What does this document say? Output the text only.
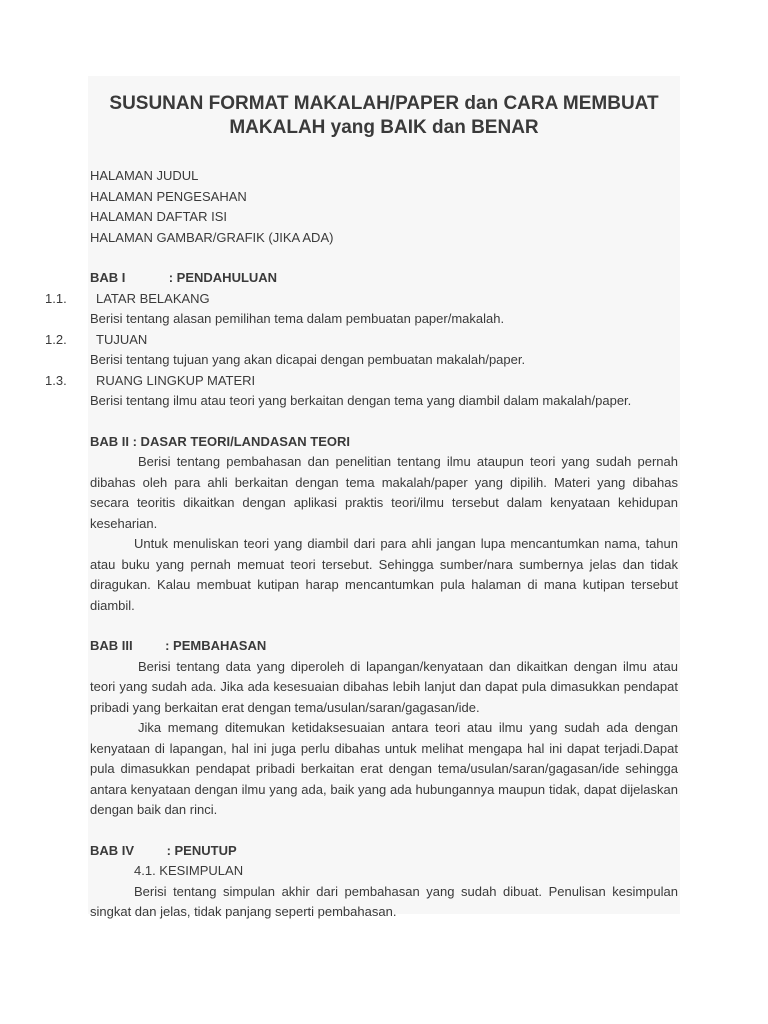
SUSUNAN FORMAT MAKALAH/PAPER dan CARA MEMBUAT
MAKALAH yang BAIK dan BENAR
HALAMAN JUDUL
HALAMAN PENGESAHAN
HALAMAN DAFTAR ISI
HALAMAN GAMBAR/GRAFIK (JIKA ADA)
BAB I            : PENDAHULUAN
1.1. LATAR BELAKANG
Berisi tentang alasan pemilihan tema dalam pembuatan paper/makalah.
1.2. TUJUAN
Berisi tentang tujuan yang akan dicapai dengan pembuatan makalah/paper.
1.3. RUANG LINGKUP MATERI
Berisi tentang ilmu atau teori yang berkaitan dengan tema yang diambil dalam makalah/paper.
BAB II : DASAR TEORI/LANDASAN TEORI

Berisi tentang pembahasan dan penelitian tentang ilmu ataupun teori yang sudah pernah dibahas oleh para ahli berkaitan dengan tema makalah/paper yang dipilih. Materi yang dibahas secara teoritis dikaitkan dengan aplikasi praktis teori/ilmu tersebut dalam kenyataan kehidupan keseharian.

Untuk menuliskan teori yang diambil dari para ahli jangan lupa mencantumkan nama, tahun atau buku yang pernah memuat teori tersebut. Sehingga sumber/nara sumbernya jelas dan tidak diragukan. Kalau membuat kutipan harap mencantumkan pula halaman di mana kutipan tersebut diambil.

BAB III         : PEMBAHASAN

Berisi tentang data yang diperoleh di lapangan/kenyataan dan dikaitkan dengan ilmu atau teori yang sudah ada. Jika ada kesesuaian dibahas lebih lanjut dan dapat pula dimasukkan pendapat pribadi yang berkaitan erat dengan tema/usulan/saran/gagasan/ide.

Jika memang ditemukan ketidaksesuaian antara teori atau ilmu yang sudah ada dengan kenyataan di lapangan, hal ini juga perlu dibahas untuk melihat mengapa hal ini dapat terjadi.Dapat pula dimasukkan pendapat pribadi berkaitan erat dengan tema/usulan/saran/gagasan/ide sehingga antara kenyataan dengan ilmu yang ada, baik yang ada hubungannya maupun tidak, dapat dijelaskan dengan baik dan rinci.

BAB IV         : PENUTUP
4.1. KESIMPULAN

Berisi tentang simpulan akhir dari pembahasan yang sudah dibuat. Penulisan kesimpulan singkat dan jelas, tidak panjang seperti pembahasan.
